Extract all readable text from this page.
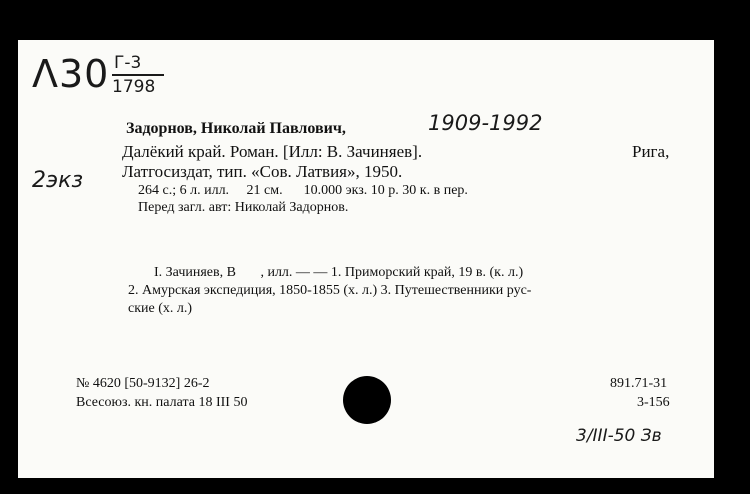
Λ30 Г-3
1798
2экз
Задорнов, Николай Павлович,	1909-1992
Далёкий край. Роман. [Илл: В. Зачиняев].	Рига,
Латгосиздат, тип. «Сов. Латвия», 1950.
264 с.; 6 л. илл.     21 см.      10.000 экз. 10 р. 30 к. в пер.
Перед загл. авт: Николай Задорнов.
I. Зачиняев, В       , илл. — — 1. Приморский край, 19 в. (к. л.)
2. Амурская экспедиция, 1850-1855 (х. л.) 3. Путешественники рус-
ские (х. л.)
№ 4620 [50-9132] 26-2
Всесоюз. кн. палата 18 III 50
891.71-31
3-156
3/III-50 Зв
